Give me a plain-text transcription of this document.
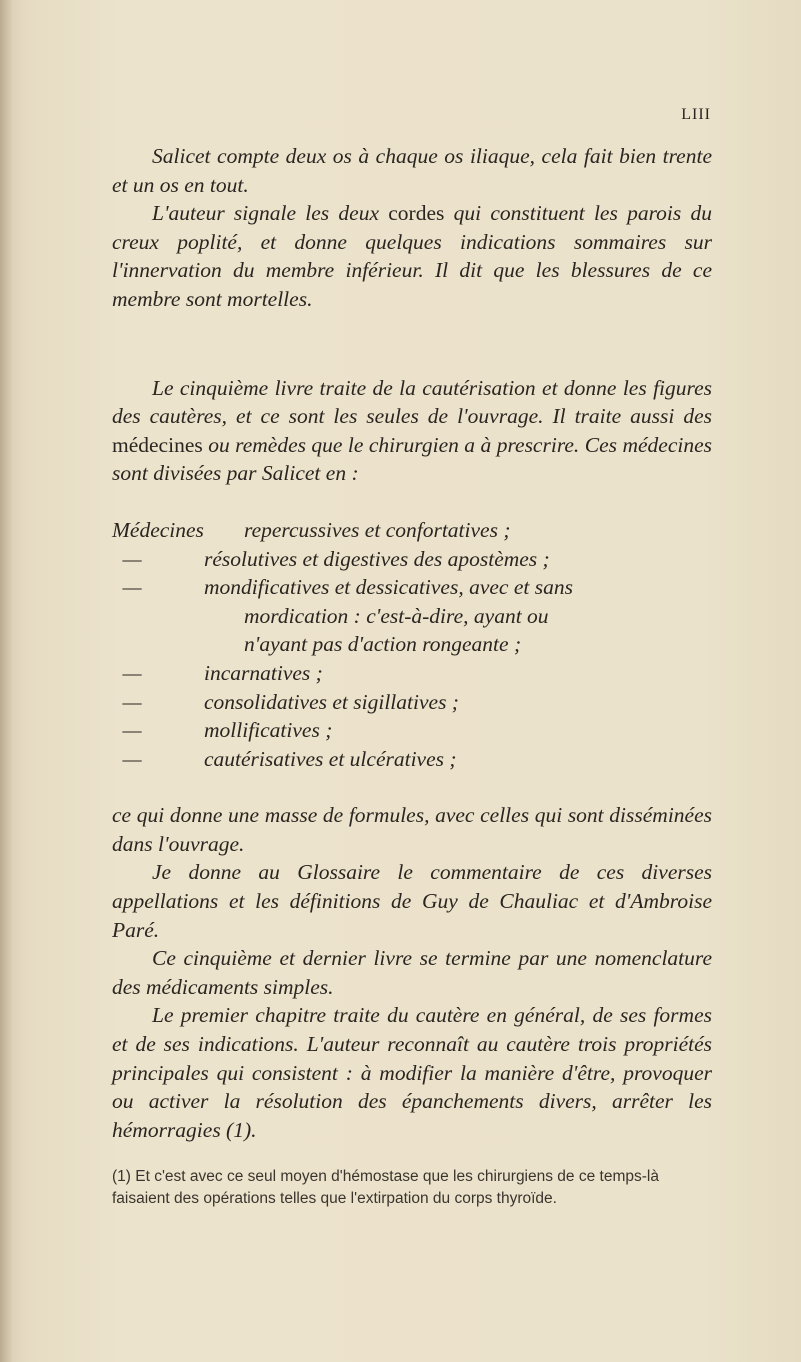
LIII

Salicet compte deux os à chaque os iliaque, cela fait bien trente et un os en tout.

L'auteur signale les deux cordes qui constituent les parois du creux poplité, et donne quelques indications sommaires sur l'innervation du membre inférieur. Il dit que les blessures de ce membre sont mortelles.

Le cinquième livre traite de la cautérisation et donne les figures des cautères, et ce sont les seules de l'ouvrage. Il traite aussi des médecines ou remèdes que le chirurgien a à prescrire. Ces médecines sont divisées par Salicet en :

Médecines	repercussives et confortatives ;
—	résolutives et digestives des apostèmes ;
—	mondificatives et dessicatives, avec et sans
mordication : c'est-à-dire, ayant ou
n'ayant pas d'action rongeante ;
—	incarnatives ;
—	consolidatives et sigillatives ;
—	mollificatives ;
—	cautérisatives et ulcératives ;

ce qui donne une masse de formules, avec celles qui sont disséminées dans l'ouvrage.

Je donne au Glossaire le commentaire de ces diverses appellations et les définitions de Guy de Chauliac et d'Ambroise Paré.

Ce cinquième et dernier livre se termine par une nomenclature des médicaments simples.

Le premier chapitre traite du cautère en général, de ses formes et de ses indications. L'auteur reconnaît au cautère trois propriétés principales qui consistent : à modifier la manière d'être, provoquer ou activer la résolution des épanchements divers, arrêter les hémorragies (1).

(1) Et c'est avec ce seul moyen d'hémostase que les chirurgiens de ce temps-là faisaient des opérations telles que l'extirpation du corps thyroïde.
